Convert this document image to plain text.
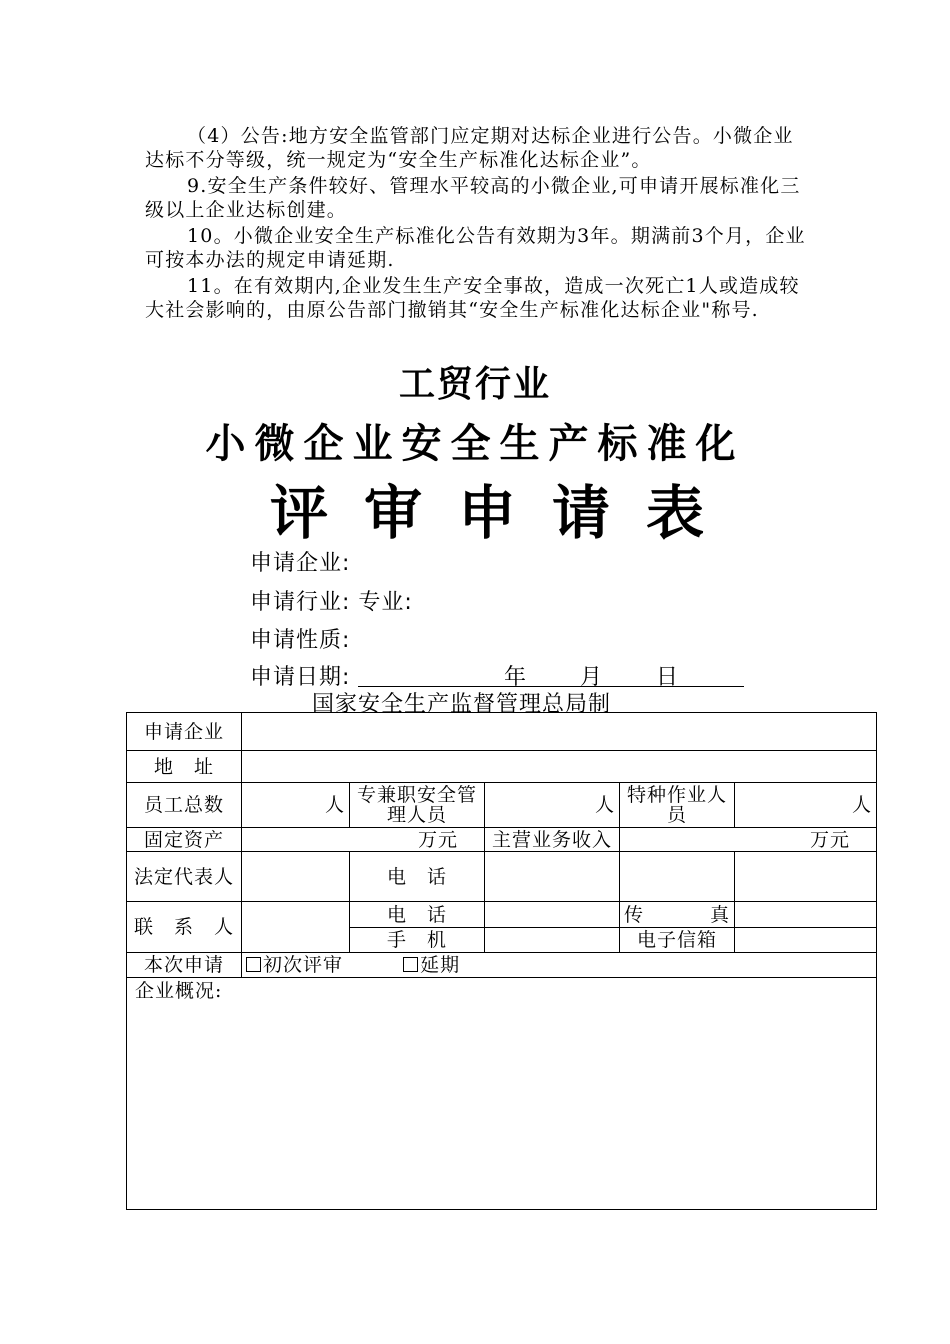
（4）公告:地方安全监管部门应定期对达标企业进行公告。小微企业达标不分等级，统一规定为“安全生产标准化达标企业”。

9.安全生产条件较好、管理水平较高的小微企业,可申请开展标准化三级以上企业达标创建。

10。小微企业安全生产标准化公告有效期为3年。期满前3个月，企业可按本办法的规定申请延期.

11。在有效期内,企业发生生产安全事故，造成一次死亡1人或造成较大社会影响的，由原公告部门撤销其“安全生产标准化达标企业"称号.

工贸行业
小微企业安全生产标准化
评审申请表
申请企业:
申请行业: 专业:
申请性质:
申请日期:	年 月 日
国家安全生产监督管理总局制
申请企业					
地　址					
员工总数	人	专兼职安全管理人员	人	特种作业人　员	人
固定资产	万元		主营业务收入	万元	
法定代表人		电　话			
联　系　人		电　话		传　真	
		手　机		电子信箱	
本次申请	初次评审 延期				
企业概况:					
